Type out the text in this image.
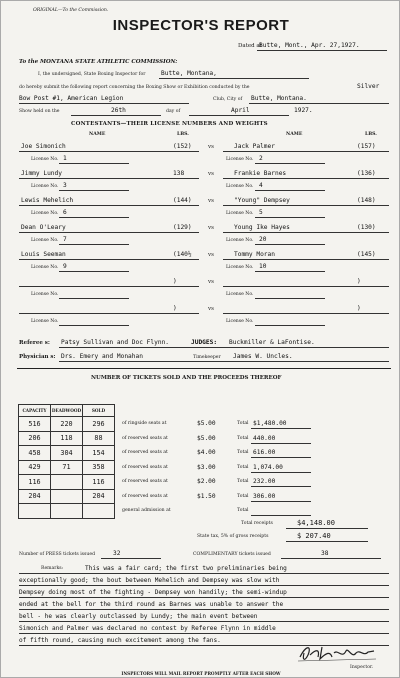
ORIGINAL—To the Commission.
INSPECTOR'S REPORT
Dated at
Butte, Mont., Apr. 27,1927.
To the MONTANA STATE ATHLETIC COMMISSION:
I, the undersigned, State Boxing Inspector for	Butte, Montana,
do hereby submit the following report concerning the Boxing Show or Exhibition conducted by the	Silver
Bow Post #1, American Legion	Club, City of Butte, Montana.
Show held on the	26th	day of	April	1927.
CONTESTANTS—THEIR LICENSE NUMBERS AND WEIGHTS
NAME	LBS.	NAME	LBS.
Joe Simonich	(152)	vs	Jack Palmer	(157)
License No. 1	License No. 2
Jimmy Lundy	138	vs	Frankie Barnes	(136)
License No. 3	License No. 4
Lewis Mehelich	(144)	vs	"Young" Dempsey	(148)
License No. 6	License No. 5
Dean O'Leary	(129)	vs	Young Ike Hayes	(130)
License No. 7	License No. 20
Louis Seeman	(140½	vs	Tommy Moran	(145)
License No. 9	License No. 10
)	vs	)
License No.	License No.
)	vs	)
License No.	License No.
Referee s: Patsy Sullivan and Doc Flynn.	JUDGES: Buckmiller & LaFontise.
Physician s: Drs. Emery and Monahan	Timekeeper James W. Uncles.
NUMBER OF TICKETS SOLD AND THE PROCEEDS THEREOF
CAPACITY	DEADWOOD	SOLD
516	220	296
206	118	88
458	304	154
429	71	358
116		116
204		204

of ringside seats at	$5.00	Total $1,480.00
of reserved seats at	$5.00	Total 440.00
of reserved seats at	$4.00	Total 616.00
of reserved seats at	$3.00	Total 1,074.00
of reserved seats at	$2.00	Total 232.00
of reserved seats at	$1.50	Total 306.00
general admission at	Total
Total receipts	$4,148.00
State tax, 5% of gross receipts	$ 207.40
Number of PRESS tickets issued	32	COMPLIMENTARY tickets issued	38
Remarks:	This was a fair card; the first two preliminaries being
exceptionally good; the bout between Mehelich and Dempsey was slow with
Dempsey doing most of the fighting - Dempsey won handily; the semi-windup
ended at the bell for the third round as Barnes was unable to answer the
bell - he was clearly outclassed by Lundy; the main event between
Simonich and Palmer was declared no contest by Referee Flynn in middle
of fifth round, causing much excitement among the fans.
Inspector.
INSPECTORS WILL MAIL REPORT PROMPTLY AFTER EACH SHOW
